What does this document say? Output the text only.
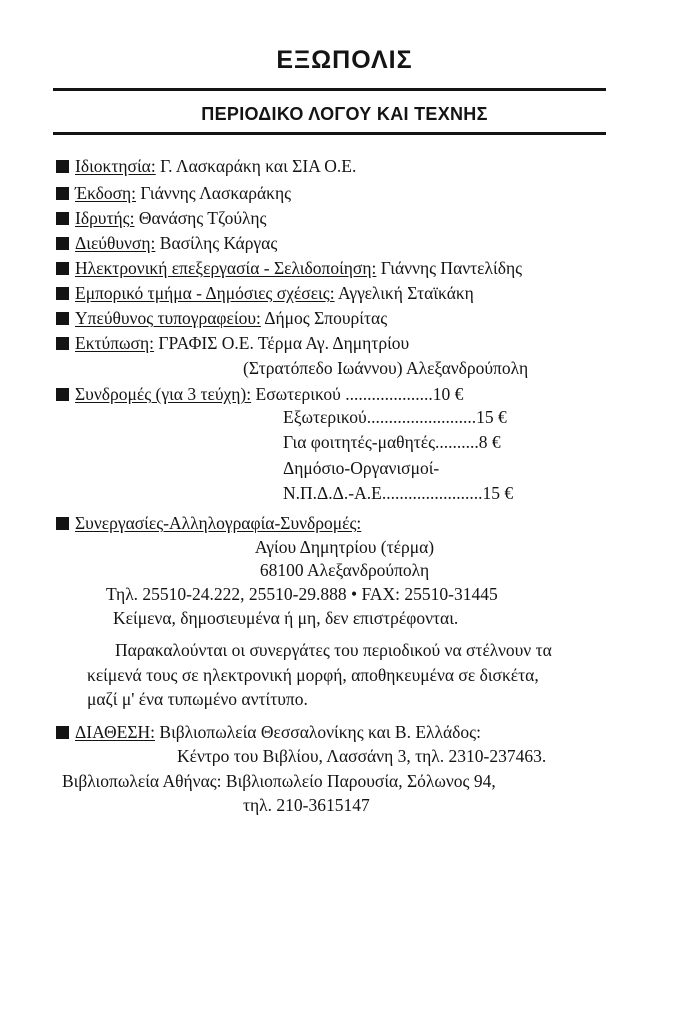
ΕΞΩΠΟΛΙΣ
ΠΕΡΙΟΔΙΚΟ ΛΟΓΟΥ ΚΑΙ ΤΕΧΝΗΣ
Ιδιοκτησία: Γ. Λασκαράκη και ΣΙΑ Ο.Ε.
Έκδοση: Γιάννης Λασκαράκης
Ιδρυτής: Θανάσης Τζούλης
Διεύθυνση: Βασίλης Κάργας
Ηλεκτρονική επεξεργασία - Σελιδοποίηση: Γιάννης Παντελίδης
Εμπορικό τμήμα - Δημόσιες σχέσεις: Αγγελική Σταϊκάκη
Υπεύθυνος τυπογραφείου: Δήμος Σπουρίτας
Εκτύπωση: ΓΡΑΦΙΣ Ο.Ε. Τέρμα Αγ. Δημητρίου
(Στρατόπεδο Ιωάννου) Αλεξανδρούπολη
Συνδρομές (για 3 τεύχη): Εσωτερικού ....................10 €
Εξωτερικού.........................15 €
Για φοιτητές-μαθητές..........8 €
Δημόσιο-Οργανισμοί-
Ν.Π.Δ.Δ.-Α.Ε.......................15 €
Συνεργασίες-Αλληλογραφία-Συνδρομές:
Αγίου Δημητρίου (τέρμα)
68100 Αλεξανδρούπολη
Τηλ. 25510-24.222, 25510-29.888 • FAX: 25510-31445
Κείμενα, δημοσιευμένα ή μη, δεν επιστρέφονται.
Παρακαλούνται οι συνεργάτες του περιοδικού να στέλνουν τα
κείμενά τους σε ηλεκτρονική μορφή, αποθηκευμένα σε δισκέτα,
μαζί μ' ένα τυπωμένο αντίτυπο.
ΔΙΑΘΕΣΗ: Βιβλιοπωλεία Θεσσαλονίκης και Β. Ελλάδος:
Κέντρο του Βιβλίου, Λασσάνη 3, τηλ. 2310-237463.
Βιβλιοπωλεία Αθήνας: Βιβλιοπωλείο Παρουσία, Σόλωνος 94,
τηλ. 210-3615147
